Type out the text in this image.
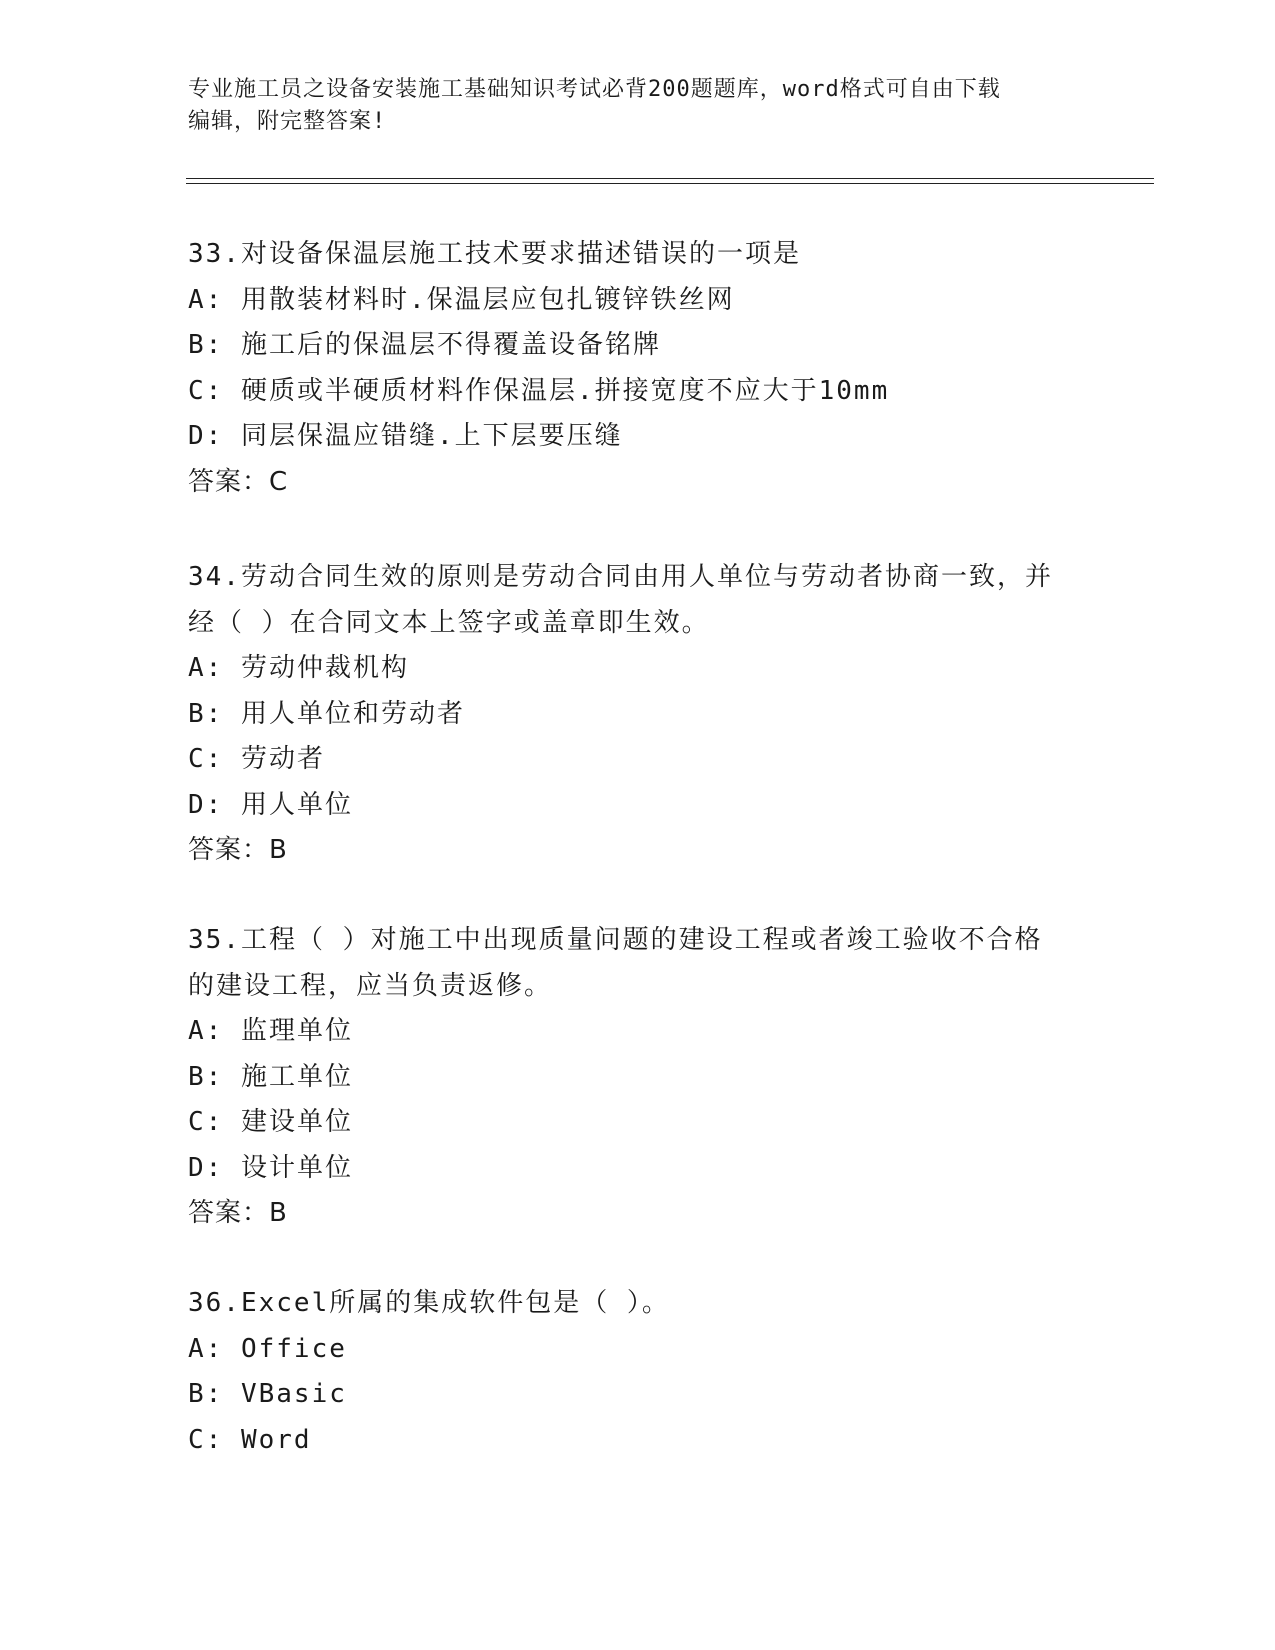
专业施工员之设备安装施工基础知识考试必背200题题库，word格式可自由下载
编辑，附完整答案!
33.对设备保温层施工技术要求描述错误的一项是
A: 用散装材料时.保温层应包扎镀锌铁丝网
B: 施工后的保温层不得覆盖设备铭牌
C: 硬质或半硬质材料作保温层.拼接宽度不应大于10mm
D: 同层保温应错缝.上下层要压缝
答案：C
34.劳动合同生效的原则是劳动合同由用人单位与劳动者协商一致，并
经（ ）在合同文本上签字或盖章即生效。
A: 劳动仲裁机构
B: 用人单位和劳动者
C: 劳动者
D: 用人单位
答案：B
35.工程（ ）对施工中出现质量问题的建设工程或者竣工验收不合格
的建设工程，应当负责返修。
A: 监理单位
B: 施工单位
C: 建设单位
D: 设计单位
答案：B
36.Excel所属的集成软件包是（ ）。
A: Office
B: VBasic
C: Word
